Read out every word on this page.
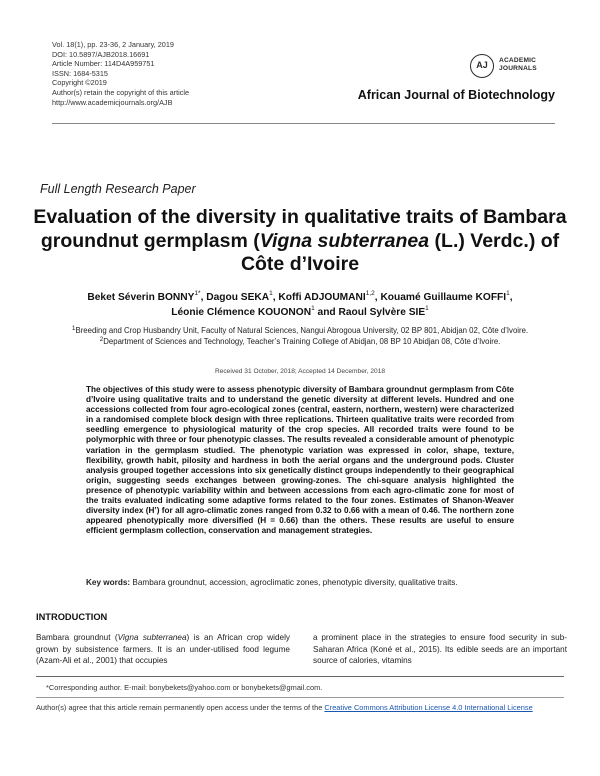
Vol. 18(1), pp. 23-36, 2 January, 2019
DOI: 10.5897/AJB2018.16691
Article Number: 114D4A959751
ISSN: 1684-5315
Copyright ©2019
Author(s) retain the copyright of this article
http://www.academicjournals.org/AJB
AJ	ACADEMIC
JOURNALS
African Journal of Biotechnology
Full Length Research Paper
Evaluation of the diversity in qualitative traits of Bambara groundnut germplasm (Vigna subterranea (L.) Verdc.) of Côte d’Ivoire
Beket Séverin $BONNY^{1*}$, Dagou SEKA$^1$, Koffi ADJOUMANI$^{1,2}$, Kouamé Guillaume KOFFI$^1$,
Léonie Clémence KOUONON$^1$ and Raoul Sylvère SIE$^1$
$^1$Breeding and Crop Husbandry Unit, Faculty of Natural Sciences, Nangui Abrogoua University, 02 BP 801, Abidjan 02, Côte d’Ivoire.
$^2$Department of Sciences and Technology, Teacher’s Training College of Abidjan, 08 BP 10 Abidjan 08, Côte d’Ivoire.
Received 31 October, 2018; Accepted 14 December, 2018
The objectives of this study were to assess phenotypic diversity of Bambara groundnut germplasm from Côte d’Ivoire using qualitative traits and to understand the genetic diversity at different levels. Hundred and one accessions collected from four agro-ecological zones (central, eastern, northern, western) were characterized in a randomised complete block design with three replications. Thirteen qualitative traits were recorded from seedling emergence to physiological maturity of the crop species. All recorded traits were found to be polymorphic with three or four phenotypic classes. The results revealed a considerable amount of phenotypic variation in the germplasm studied. The phenotypic variation was expressed in color, shape, texture, flexibility, growth habit, pilosity and hardness in both the aerial organs and the underground pods. Cluster analysis grouped together accessions into six genetically distinct groups independently to their geographical origin, suggesting seeds exchanges between growing-zones. The chi-square analysis highlighted the presence of phenotypic variability within and between accessions from each agro-climatic zone for most of the traits evaluated indicating some adaptive forms related to the four zones. Estimates of Shanon-Weaver diversity index (H’) for all agro-climatic zones ranged from 0.32 to 0.66 with a mean of 0.46. The northern zone appeared phenotypically more diversified (H = 0.66) than the others. These results are useful to ensure efficient germplasm collection, conservation and management strategies.
Key words: Bambara groundnut, accession, agroclimatic zones, phenotypic diversity, qualitative traits.
INTRODUCTION
Bambara groundnut (Vigna subterranea) is an African crop widely grown by subsistence farmers. It is an under-utilised food legume (Azam-Ali et al., 2001) that occupies
a prominent place in the strategies to ensure food security in sub-Saharan Africa (Koné et al., 2015). Its edible seeds are an important source of calories, vitamins
*Corresponding author. E-mail: bonybekets@yahoo.com or bonybekets@gmail.com.
Author(s) agree that this article remain permanently open access under the terms of the Creative Commons Attribution License 4.0 International License
